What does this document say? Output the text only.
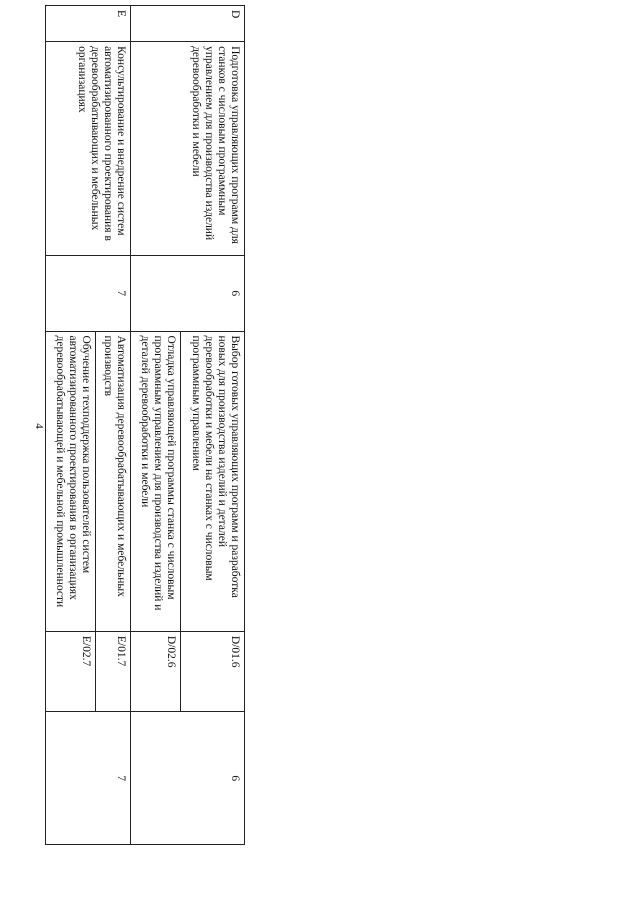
4
D	Подготовка управляющих программ для станков с числовым программным управлением для производства изделий деревообработки и мебели	6	Выбор готовых управляющих программ и разработка новых для производства изделий и деталей деревообработки и мебели на станках с числовым программным управлением	D/01.6	6
			Отладка управляющей программы станка с числовым программным управлением для производства изделий и деталей деревообработки и мебели	D/02.6	
E	Консультирование и внедрение систем автоматизированного проектирования в деревообрабатывающих и мебельных организациях	7	Автоматизация деревообрабатывающих и мебельных производств	E/01.7	7
			Обучение и техподдержка пользователей систем автоматизированного проектирования в организациях деревообрабатывающей и мебельной промышленности	E/02.7	
